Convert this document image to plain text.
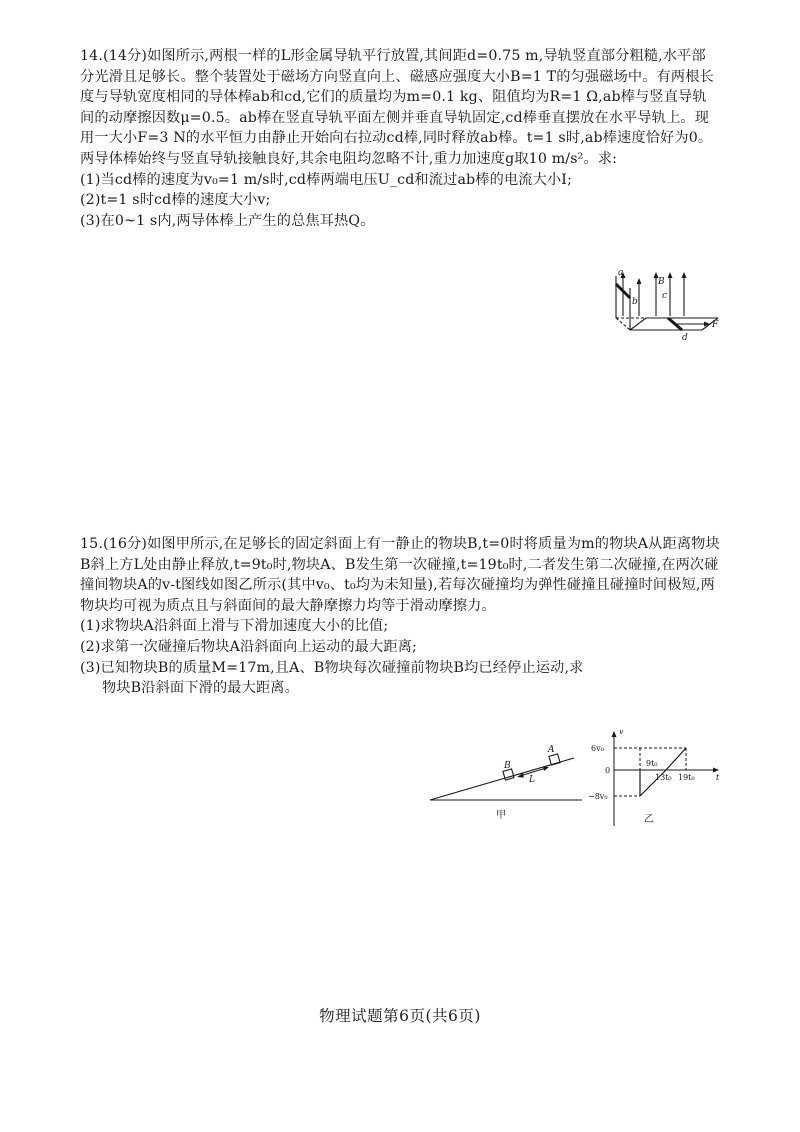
14.(14分)如图所示,两根一样的L形金属导轨平行放置,其间距d=0.75 m,导轨竖直部分粗糙,水平部分光滑且足够长。整个装置处于磁场方向竖直向上、磁感应强度大小B=1 T的匀强磁场中。有两根长度与导轨宽度相同的导体棒ab和cd,它们的质量均为m=0.1 kg、阻值均为R=1 Ω,ab棒与竖直导轨间的动摩擦因数μ=0.5。ab棒在竖直导轨平面左侧并垂直导轨固定,cd棒垂直摆放在水平导轨上。现用一大小F=3 N的水平恒力由静止开始向右拉动cd棒,同时释放ab棒。t=1 s时,ab棒速度恰好为0。两导体棒始终与竖直导轨接触良好,其余电阻均忽略不计,重力加速度g取10 m/s²。求:

(1)当cd棒的速度为v₀=1 m/s时,cd棒两端电压U_cd和流过ab棒的电流大小I;

(2)t=1 s时cd棒的速度大小v;

(3)在0~1 s内,两导体棒上产生的总焦耳热Q。

a
b
B
c
d
F

15.(16分)如图甲所示,在足够长的固定斜面上有一静止的物块B,t=0时将质量为m的物块A从距离物块B斜上方L处由静止释放,t=9t₀时,物块A、B发生第一次碰撞,t=19t₀时,二者发生第二次碰撞,在两次碰撞间物块A的v-t图线如图乙所示(其中v₀、t₀均为未知量),若每次碰撞均为弹性碰撞且碰撞时间极短,两物块均可视为质点且与斜面间的最大静摩擦力均等于滑动摩擦力。

(1)求物块A沿斜面上滑与下滑加速度大小的比值;

(2)求第一次碰撞后物块A沿斜面向上运动的最大距离;

(3)已知物块B的质量M=17m,且A、B物块每次碰撞前物块B均已经停止运动,求

物块B沿斜面下滑的最大距离。

B
A
L
甲
v
t
0
6v₀
−8v₀
9t₀
13t₀ 19t₀
乙
物理试题第6页(共6页)
